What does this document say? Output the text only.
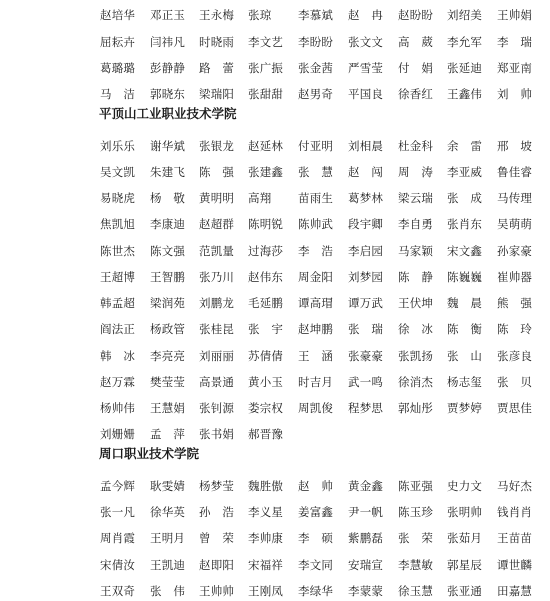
赵培华 邓正玉 王永梅 张琼 李慕斌 赵　冉 赵盼盼 刘绍美 王帅娟
屈耘卉 闫祎凡 时晓雨 李文艺 李盼盼 张文文 高　葳 李允军 李　瑞
葛璐璐 彭静静 路　蕾 张广振 张金茜 严雪莹 付　娟 张延迪 郑亚南
马　洁 郭晓东 梁瑞阳 张甜甜 赵男奇 平国良 徐香红 王鑫伟 刘　帅
平顶山工业职业技术学院
刘乐乐 谢华斌 张银龙 赵延林 付亚明 刘相晨 杜金科 余　雷 邢　坡
吴文凯 朱建飞 陈　强 张建鑫 张　慧 赵　闯 周　涛 李亚威 鲁佳睿
易晓虎 杨　敬 黄明明 高翔 苗雨生 葛梦林 梁云瑞 张　成 马传理
焦凯旭 李康迪 赵超群 陈明锐 陈帅武 段宇卿 李自勇 张肖东 吴萌萌
陈世杰 陈文强 范凯量 过海莎 李　浩 李启园 马家颖 宋文鑫 孙家豪
王超博 王智鹏 张乃川 赵伟东 周金阳 刘梦园 陈　静 陈巍巍 崔帅器
韩孟超 梁润苑 刘鹏龙 毛延鹏 谭高瑁 谭万武 王伏坤 魏　晨 熊　强
阎法正 杨政管 张桂昆 张　宇 赵坤鹏 张　瑞 徐　冰 陈　衡 陈　玲
韩　冰 李亮亮 刘丽丽 苏倩倩 王　涵 张豪豪 张凯扬 张　山 张彦良
赵万霖 樊莹莹 高景通 黄小玉 时吉月 武一鸣 徐消杰 杨志玺 张　贝
杨帅伟 王慧娟 张钊源 娄宗权 周凯俊 程梦思 郭灿彤 贾梦婷 贾思佳
刘姗姗 孟　萍 张书娟 郝晋豫
周口职业技术学院
孟今辉 耿雯婧 杨梦莹 魏胜傲 赵　帅 黄金鑫 陈亚强 史力文 马好杰
张一凡 徐华英 孙　浩 李义星 姜富鑫 尹一帆 陈玉珍 张明帅 钱肖肖
周肖霞 王明月 曾　荣 李帅康 李　硕 紫鹏磊 张　荣 张茹月 王苗苗
宋倩汝 王凯迪 赵即阳 宋福祥 李文同 安瑞宣 李慧敏 郭星辰 谭世麟
王双奇 张　伟 王帅帅 王刚凤 李绿华 李蒙蒙 徐玉慧 张亚通 田嘉慧
